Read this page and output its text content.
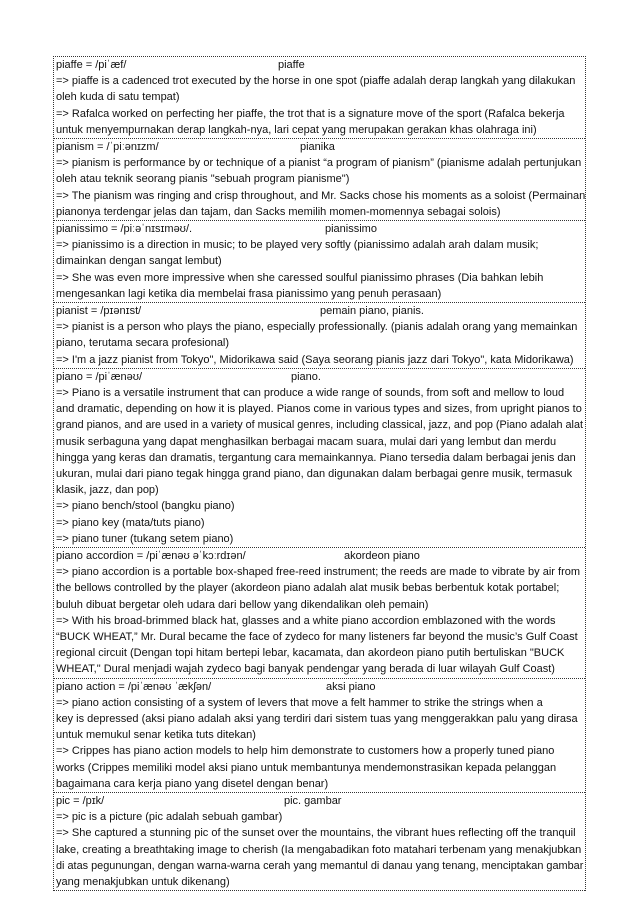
piaffe = /piˈæf/	piaffe
=> piaffe is a cadenced trot executed by the horse in one spot (piaffe adalah derap langkah yang dilakukan
oleh kuda di satu tempat)
=> Rafalca worked on perfecting her piaffe, the trot that is a signature move of the sport (Rafalca bekerja
untuk menyempurnakan derap langkah-nya, lari cepat yang merupakan gerakan khas olahraga ini)
pianism = /ˈpiːənɪzm/	pianika
=> pianism is performance by or technique of a pianist “a program of pianism” (pianisme adalah pertunjukan
oleh atau teknik seorang pianis "sebuah program pianisme")
=> The pianism was ringing and crisp throughout, and Mr. Sacks chose his moments as a soloist (Permainan
pianonya terdengar jelas dan tajam, dan Sacks memilih momen-momennya sebagai solois)
pianissimo = /piːəˈnɪsɪməʊ/.	pianissimo
=> pianissimo is a direction in music; to be played very softly (pianissimo adalah arah dalam musik;
dimainkan dengan sangat lembut)
=> She was even more impressive when she caressed soulful pianissimo phrases (Dia bahkan lebih
mengesankan lagi ketika dia membelai frasa pianissimo yang penuh perasaan)
pianist = /pɪənɪst/	pemain piano, pianis.
=> pianist is a person who plays the piano, especially professionally. (pianis adalah orang yang memainkan
piano, terutama secara profesional)
=> I'm a jazz pianist from Tokyo", Midorikawa said (Saya seorang pianis jazz dari Tokyo", kata Midorikawa)
piano = /piˈænəʊ/	piano.
=> Piano is a versatile instrument that can produce a wide range of sounds, from soft and mellow to loud
and dramatic, depending on how it is played. Pianos come in various types and sizes, from upright pianos to
grand pianos, and are used in a variety of musical genres, including classical, jazz, and pop (Piano adalah alat
musik serbaguna yang dapat menghasilkan berbagai macam suara, mulai dari yang lembut dan merdu
hingga yang keras dan dramatis, tergantung cara memainkannya. Piano tersedia dalam berbagai jenis dan
ukuran, mulai dari piano tegak hingga grand piano, dan digunakan dalam berbagai genre musik, termasuk
klasik, jazz, dan pop)
=> piano bench/stool (bangku piano)
=> piano key (mata/tuts piano)
=> piano tuner (tukang setem piano)
piano accordion = /piˈænəʊ əˈkɔːrdɪən/	akordeon piano
=> piano accordion is a portable box-shaped free-reed instrument; the reeds are made to vibrate by air from
the bellows controlled by the player (akordeon piano adalah alat musik bebas berbentuk kotak portabel;
buluh dibuat bergetar oleh udara dari bellow yang dikendalikan oleh pemain)
=> With his broad-brimmed black hat, glasses and a white piano accordion emblazoned with the words
“BUCK WHEAT,” Mr. Dural became the face of zydeco for many listeners far beyond the music’s Gulf Coast
regional circuit (Dengan topi hitam bertepi lebar, kacamata, dan akordeon piano putih bertuliskan "BUCK
WHEAT," Dural menjadi wajah zydeco bagi banyak pendengar yang berada di luar wilayah Gulf Coast)
piano action = /piˈænəʊ ˈækʃən/	aksi piano
=> piano action consisting of a system of levers that move a felt hammer to strike the strings when a
key is depressed (aksi piano adalah aksi yang terdiri dari sistem tuas yang menggerakkan palu yang dirasa
untuk memukul senar ketika tuts ditekan)
=> Crippes has piano action models to help him demonstrate to customers how a properly tuned piano
works (Crippes memiliki model aksi piano untuk membantunya mendemonstrasikan kepada pelanggan
bagaimana cara kerja piano yang disetel dengan benar)
pic = /pɪk/	pic. gambar
=> pic is a picture (pic adalah sebuah gambar)
=> She captured a stunning pic of the sunset over the mountains, the vibrant hues reflecting off the tranquil
lake, creating a breathtaking image to cherish (Ia mengabadikan foto matahari terbenam yang menakjubkan
di atas pegunungan, dengan warna-warna cerah yang memantul di danau yang tenang, menciptakan gambar
yang menakjubkan untuk dikenang)
